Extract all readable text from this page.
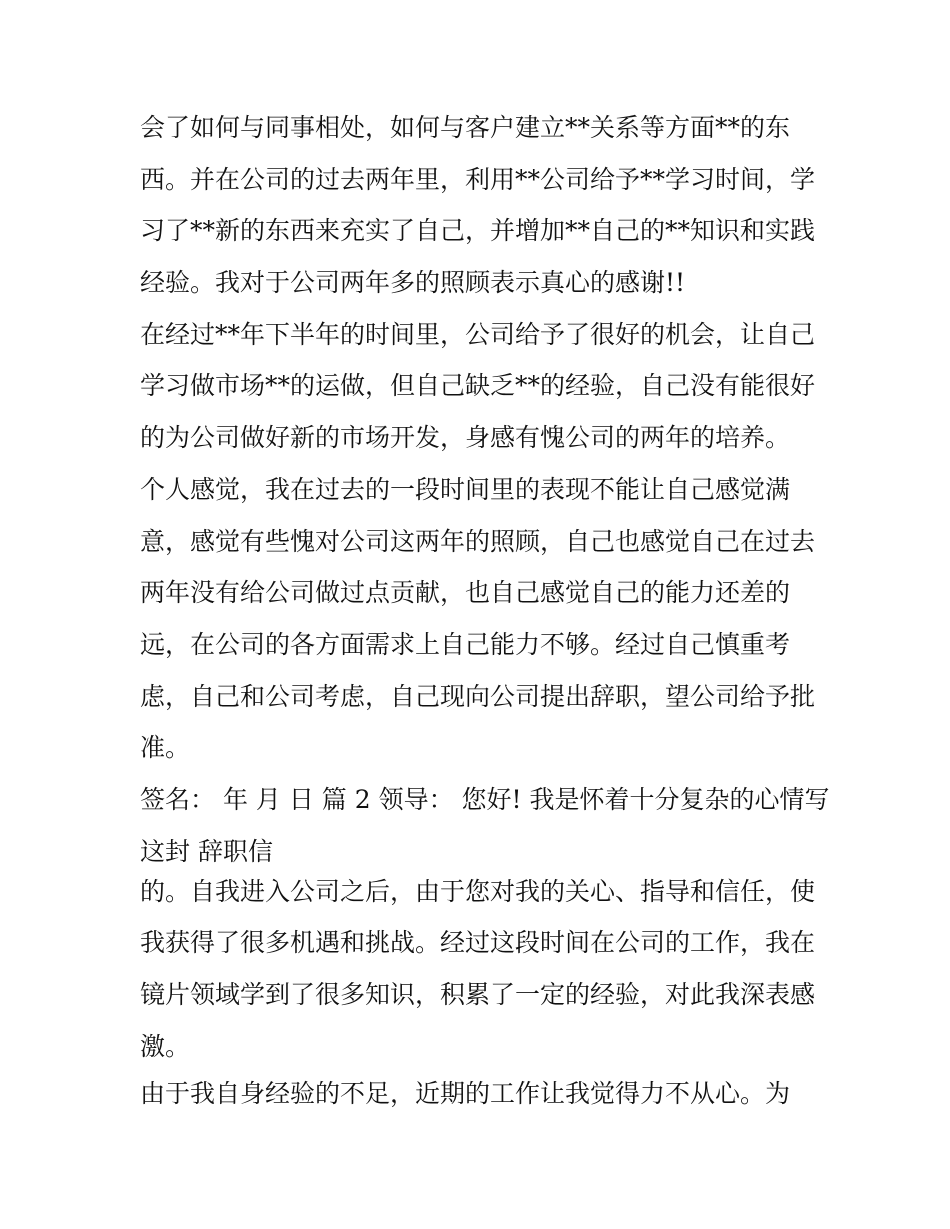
会了如何与同事相处，如何与客户建立**关系等方面**的东
西。并在公司的过去两年里，利用**公司给予**学习时间，学
习了**新的东西来充实了自己，并增加**自己的**知识和实践
经验。我对于公司两年多的照顾表示真心的感谢!!
在经过**年下半年的时间里，公司给予了很好的机会，让自己
学习做市场**的运做，但自己缺乏**的经验，自己没有能很好
的为公司做好新的市场开发，身感有愧公司的两年的培养。
个人感觉，我在过去的一段时间里的表现不能让自己感觉满
意，感觉有些愧对公司这两年的照顾，自己也感觉自己在过去
两年没有给公司做过点贡献，也自己感觉自己的能力还差的
远，在公司的各方面需求上自己能力不够。经过自己慎重考
虑，自己和公司考虑，自己现向公司提出辞职，望公司给予批
准。
签名： 年 月 日 篇 2 领导： 您好! 我是怀着十分复杂的心情写
这封 辞职信
的。自我进入公司之后，由于您对我的关心、指导和信任，使
我获得了很多机遇和挑战。经过这段时间在公司的工作，我在
镜片领域学到了很多知识，积累了一定的经验，对此我深表感
激。
由于我自身经验的不足，近期的工作让我觉得力不从心。为
